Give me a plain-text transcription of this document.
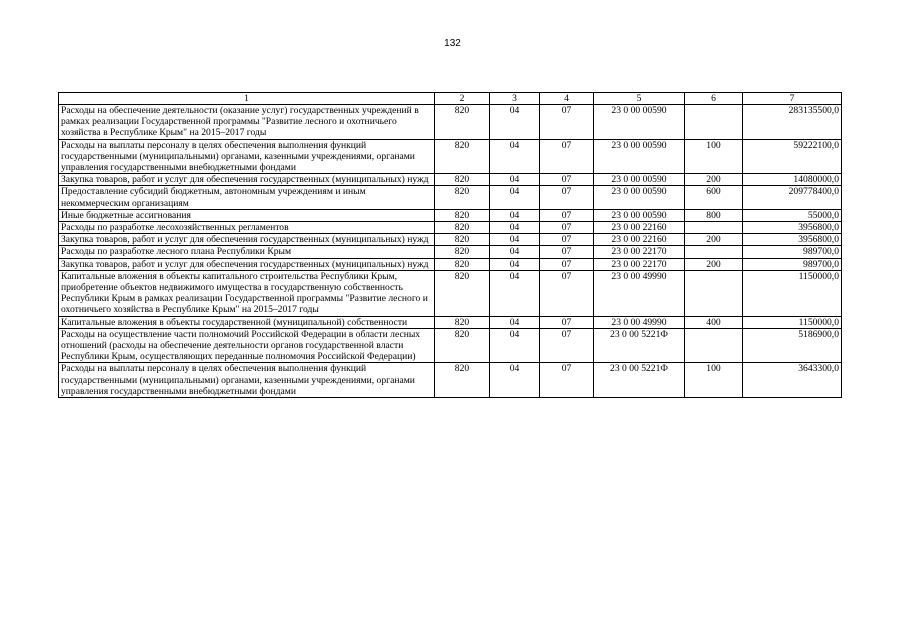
132
1	2	3	4	5	6	7
Расходы на обеспечение деятельности (оказание услуг) государственных учреждений в рамках реализации Государственной программы "Развитие лесного и охотничьего хозяйства в Республике Крым" на 2015–2017 годы	820	04	07	23 0 00 00590		283135500,0
Расходы на выплаты персоналу в целях обеспечения выполнения функций государственными (муниципальными) органами, казенными учреждениями, органами управления государственными внебюджетными фондами	820	04	07	23 0 00 00590	100	59222100,0
Закупка товаров, работ и услуг для обеспечения государственных (муниципальных) нужд	820	04	07	23 0 00 00590	200	14080000,0
Предоставление субсидий бюджетным, автономным учреждениям и иным некоммерческим организациям	820	04	07	23 0 00 00590	600	209778400,0
Иные бюджетные ассигнования	820	04	07	23 0 00 00590	800	55000,0
Расходы по разработке лесохозяйственных регламентов	820	04	07	23 0 00 22160		3956800,0
Закупка товаров, работ и услуг для обеспечения государственных (муниципальных) нужд	820	04	07	23 0 00 22160	200	3956800,0
Расходы по разработке лесного плана Республики Крым	820	04	07	23 0 00 22170		989700,0
Закупка товаров, работ и услуг для обеспечения государственных (муниципальных) нужд	820	04	07	23 0 00 22170	200	989700,0
Капитальные вложения в объекты капитального строительства Республики Крым, приобретение объектов недвижимого имущества в государственную собственность Республики Крым в рамках реализации Государственной программы "Развитие лесного и охотничьего хозяйства в Республике Крым" на 2015–2017 годы	820	04	07	23 0 00 49990		1150000,0
Капитальные вложения в объекты государственной (муниципальной) собственности	820	04	07	23 0 00 49990	400	1150000,0
Расходы на осуществление части полномочий Российской Федерации в области лесных отношений (расходы на обеспечение деятельности органов государственной власти Республики Крым, осуществляющих переданные полномочия Российской Федерации)	820	04	07	23 0 00 5221Ф		5186900,0
Расходы на выплаты персоналу в целях обеспечения выполнения функций государственными (муниципальными) органами, казенными учреждениями, органами управления государственными внебюджетными фондами	820	04	07	23 0 00 5221Ф	100	3643300,0
